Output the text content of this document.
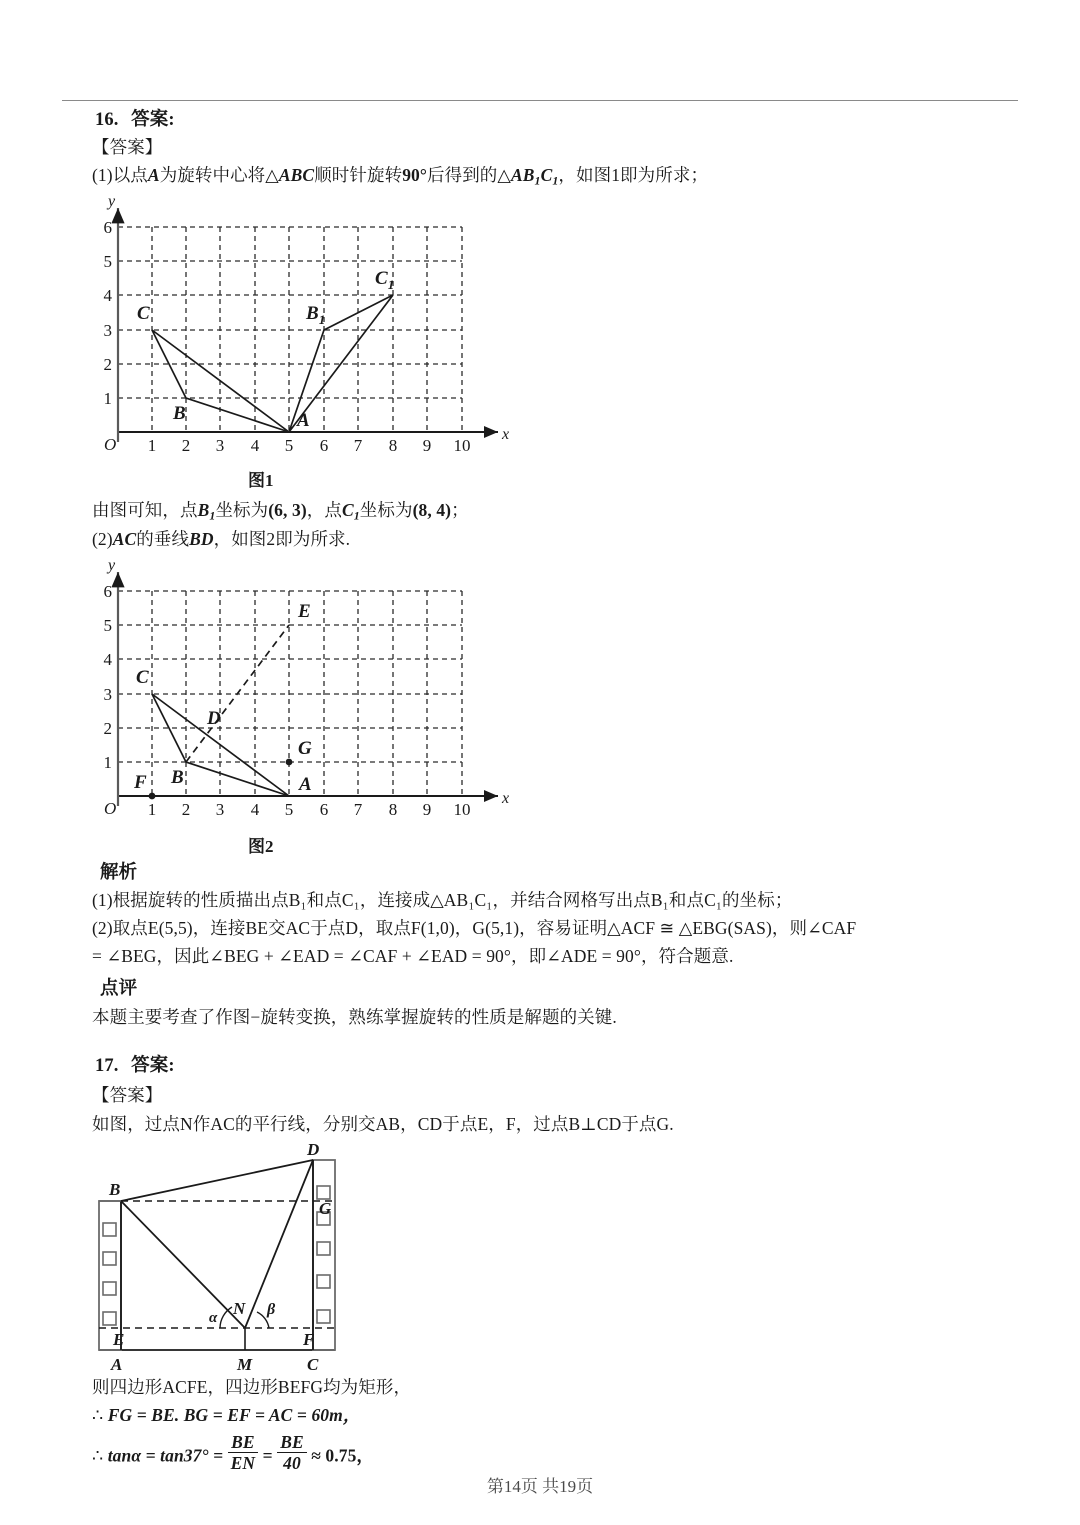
16. 答案:
【答案】
(1)以点A为旋转中心将△ABC顺时针旋转90°后得到的$\triangle AB_1C_1$，如图1即为所求；
O
x
y
1 2 3 4 5 6 7 8 9 10
1
2
3
4
5
6
A
B
C	$B_1$
$C_1$
图1
由图可知，点$B_1$坐标为(6, 3)，点$C_1$坐标为(8, 4)；
(2)AC的垂线BD，如图2即为所求.
O
x
y
1 2 3 4 5 6 7 8 9 10
1
2
3
4
5
6
A
B
C
D
E
F
G
图2
解析
(1)根据旋转的性质描出点B₁和点C₁，连接成△AB₁C₁，并结合网格写出点B₁和点C₁的坐标；
(2)取点E(5,5)，连接BE交AC于点D，取点F(1,0)，G(5,1)，容易证明△ACF ≅ △EBG(SAS)，则∠CAF
= ∠BEG，因此∠BEG + ∠EAD = ∠CAF + ∠EAD = 90°，即∠ADE = 90°，符合题意.
点评
本题主要考查了作图−旋转变换，熟练掌握旋转的性质是解题的关键.
17. 答案:
【答案】
如图，过点N作AC的平行线，分别交AB，CD于点E，F，过点B⊥CD于点G.
B
D
E	F
G
A	M	C
N
α	β
则四边形ACFE，四边形BEFG均为矩形，
∴ FG = BE. BG = EF = AC = 60m，
∴ $\tan\alpha = \tan 37^\circ = \frac{BE}{EN} = \frac{BE}{40} \approx 0.75$，
第14页 共19页
